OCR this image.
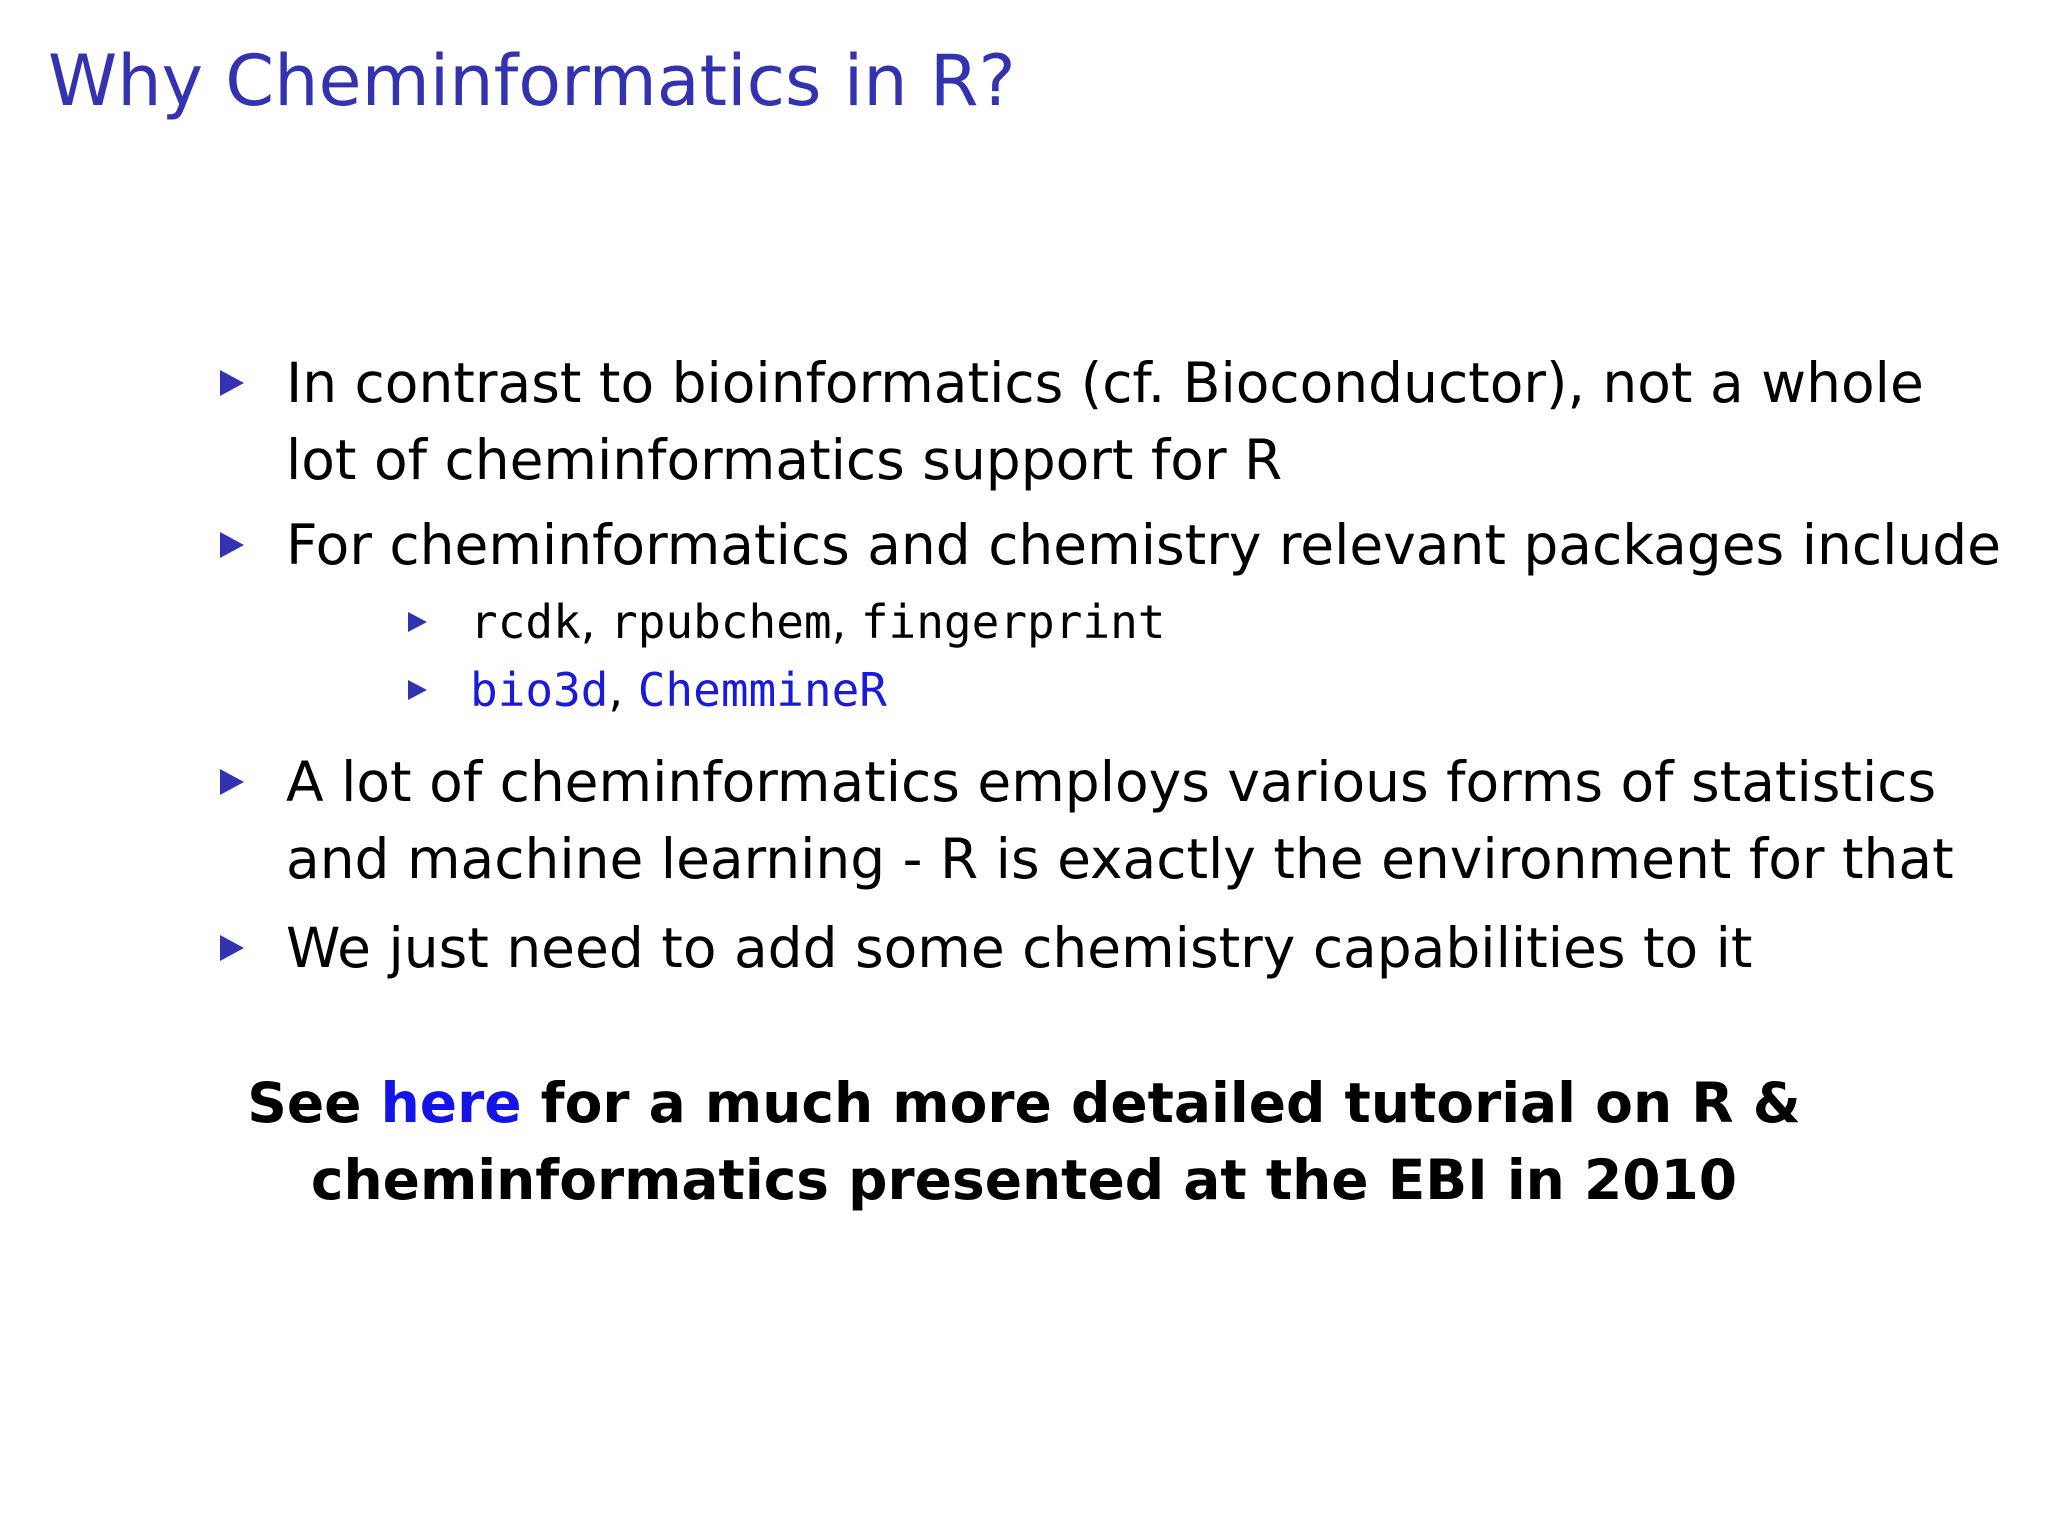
Why Cheminformatics in R?
In contrast to bioinformatics (cf. Bioconductor), not a whole
lot of cheminformatics support for R
For cheminformatics and chemistry relevant packages include
rcdk, rpubchem, fingerprint
bio3d, ChemmineR
A lot of cheminformatics employs various forms of statistics
and machine learning - R is exactly the environment for that
We just need to add some chemistry capabilities to it
See here for a much more detailed tutorial on R &
cheminformatics presented at the EBI in 2010
